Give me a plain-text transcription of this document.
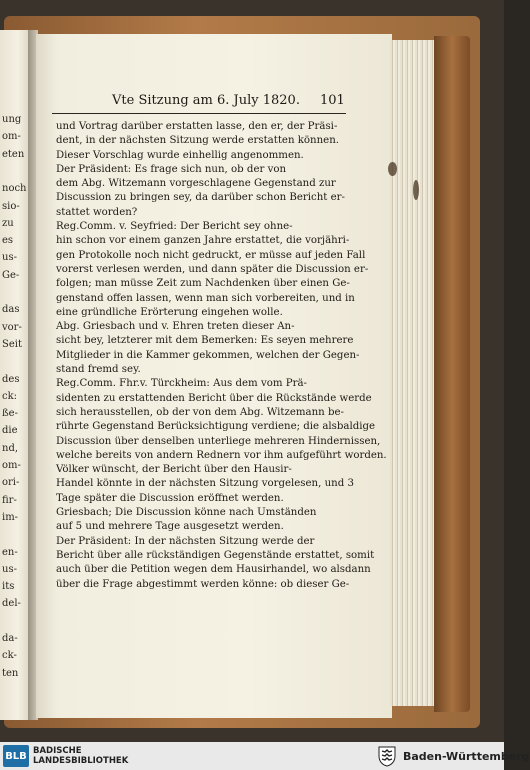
ung
om-
eten
noch
sio-
zu
es
us-
Ge-
das
vor-
Seit
des
ck:
ße-
die
nd,
om-
ori-
fir-
im-
en-
us-
its
del-
da-
ck-
ten
Vte Sitzung am 6. July 1820. 101
und Vortrag darüber erstatten lasse, den er, der Präsi-
dent, in der nächsten Sitzung werde erstatten können.
Dieser Vorschlag wurde einhellig angenommen.
Der Präsident: Es frage sich nun, ob der von
dem Abg. Witzemann vorgeschlagene Gegenstand zur
Discussion zu bringen sey, da darüber schon Bericht er-
stattet worden?
Reg.Comm. v. Seyfried: Der Bericht sey ohne-
hin schon vor einem ganzen Jahre erstattet, die vorjähri-
gen Protokolle noch nicht gedruckt, er müsse auf jeden Fall
vorerst verlesen werden, und dann später die Discussion er-
folgen; man müsse Zeit zum Nachdenken über einen Ge-
genstand offen lassen, wenn man sich vorbereiten, und in
eine gründliche Erörterung eingehen wolle.
Abg. Griesbach und v. Ehren treten dieser An-
sicht bey, letzterer mit dem Bemerken: Es seyen mehrere
Mitglieder in die Kammer gekommen, welchen der Gegen-
stand fremd sey.
Reg.Comm. Fhr.v. Türckheim: Aus dem vom Prä-
sidenten zu erstattenden Bericht über die Rückstände werde
sich herausstellen, ob der von dem Abg. Witzemann be-
rührte Gegenstand Berücksichtigung verdiene; die alsbaldige
Discussion über denselben unterliege mehreren Hindernissen,
welche bereits von andern Rednern vor ihm aufgeführt worden.
Völker wünscht, der Bericht über den Hausir-
Handel könnte in der nächsten Sitzung vorgelesen, und 3
Tage später die Discussion eröffnet werden.
Griesbach; Die Discussion könne nach Umständen
auf 5 und mehrere Tage ausgesetzt werden.
Der Präsident: In der nächsten Sitzung werde der
Bericht über alle rückständigen Gegenstände erstattet, somit
auch über die Petition wegen dem Hausirhandel, wo alsdann
über die Frage abgestimmt werden könne: ob dieser Ge-
BLB BADISCHE
LANDESBIBLIOTHEK	Baden-Württemberg
